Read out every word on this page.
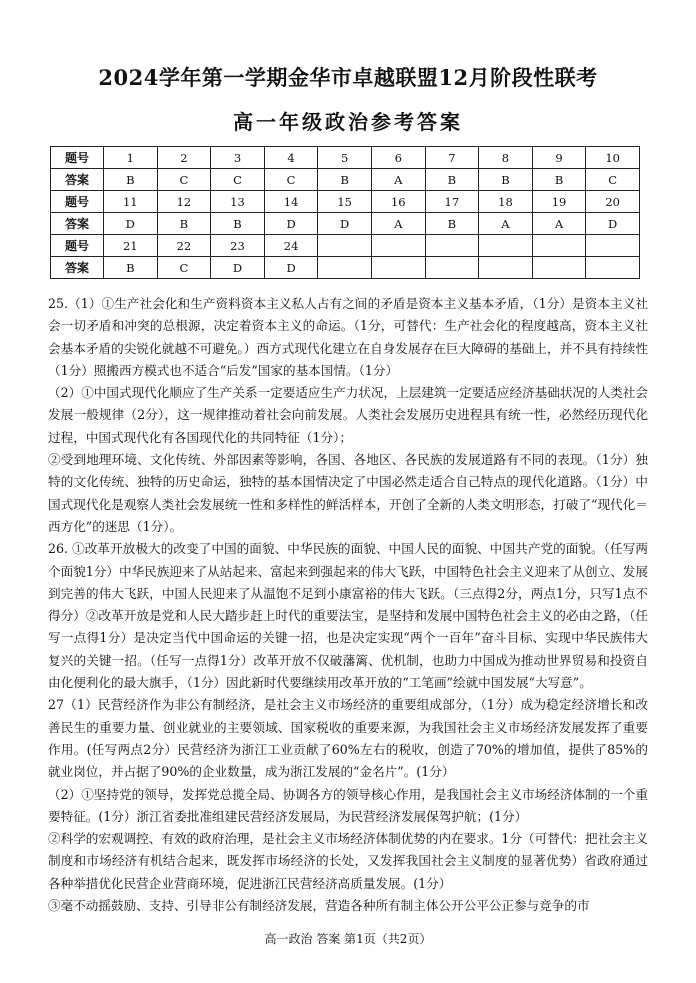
2024学年第一学期金华市卓越联盟12月阶段性联考
高一年级政治参考答案
题号	1	2	3	4	5	6	7	8	9	10
答案	B	C	C	C	B	A	B	B	B	C
题号	11	12	13	14	15	16	17	18	19	20
答案	D	B	B	D	D	A	B	A	A	D
题号	21	22	23	24						
答案	B	C	D	D						

25.（1）①生产社会化和生产资料资本主义私人占有之间的矛盾是资本主义基本矛盾，（1分）是资本主义社会一切矛盾和冲突的总根源，决定着资本主义的命运。（1分，可替代：生产社会化的程度越高，资本主义社会基本矛盾的尖锐化就越不可避免。）西方式现代化建立在自身发展存在巨大障碍的基础上，并不具有持续性（1分）照搬西方模式也不适合“后发”国家的基本国情。（1分）

（2）①中国式现代化顺应了生产关系一定要适应生产力状况，上层建筑一定要适应经济基础状况的人类社会发展一般规律（2分），这一规律推动着社会向前发展。人类社会发展历史进程具有统一性，必然经历现代化过程，中国式现代化有各国现代化的共同特征（1分）；

②受到地理环境、文化传统、外部因素等影响，各国、各地区、各民族的发展道路有不同的表现。（1分）独特的文化传统、独特的历史命运，独特的基本国情决定了中国必然走适合自己特点的现代化道路。（1分）中国式现代化是观察人类社会发展统一性和多样性的鲜活样本，开创了全新的人类文明形态，打破了“现代化＝西方化”的迷思（1分）。

26. ①改革开放极大的改变了中国的面貌、中华民族的面貌、中国人民的面貌、中国共产党的面貌。（任写两个面貌1分）中华民族迎来了从站起来、富起来到强起来的伟大飞跃，中国特色社会主义迎来了从创立、发展到完善的伟大飞跃，中国人民迎来了从温饱不足到小康富裕的伟大飞跃。（三点得2分，两点1分，只写1点不得分）②改革开放是党和人民大踏步赶上时代的重要法宝，是坚持和发展中国特色社会主义的必由之路，（任写一点得1分）是决定当代中国命运的关键一招，也是决定实现“两个一百年”奋斗目标、实现中华民族伟大复兴的关键一招。（任写一点得1分）改革开放不仅破藩篱、优机制，也助力中国成为推动世界贸易和投资自由化便利化的最大旗手，（1分）因此新时代要继续用改革开放的“工笔画”绘就中国发展“大写意”。

27（1）民营经济作为非公有制经济，是社会主义市场经济的重要组成部分，（1分）成为稳定经济增长和改善民生的重要力量、创业就业的主要领域、国家税收的重要来源，为我国社会主义市场经济发展发挥了重要作用。(任写两点2分）民营经济为浙江工业贡献了60%左右的税收，创造了70%的增加值，提供了85%的就业岗位，并占据了90%的企业数量，成为浙江发展的“金名片”。(1分）

（2）①坚持党的领导，发挥党总揽全局、协调各方的领导核心作用，是我国社会主义市场经济体制的一个重要特征。(1分）浙江省委批准组建民营经济发展局，为民营经济发展保驾护航；(1分）

②科学的宏观调控、有效的政府治理，是社会主义市场经济体制优势的内在要求。1分（可替代：把社会主义制度和市场经济有机结合起来，既发挥市场经济的长处，又发挥我国社会主义制度的显著优势）省政府通过各种举措优化民营企业营商环境，促进浙江民营经济高质量发展。(1分）

③毫不动摇鼓励、支持、引导非公有制经济发展，营造各种所有制主体公开公平公正参与竞争的市

高一政治 答案 第1页（共2页）
